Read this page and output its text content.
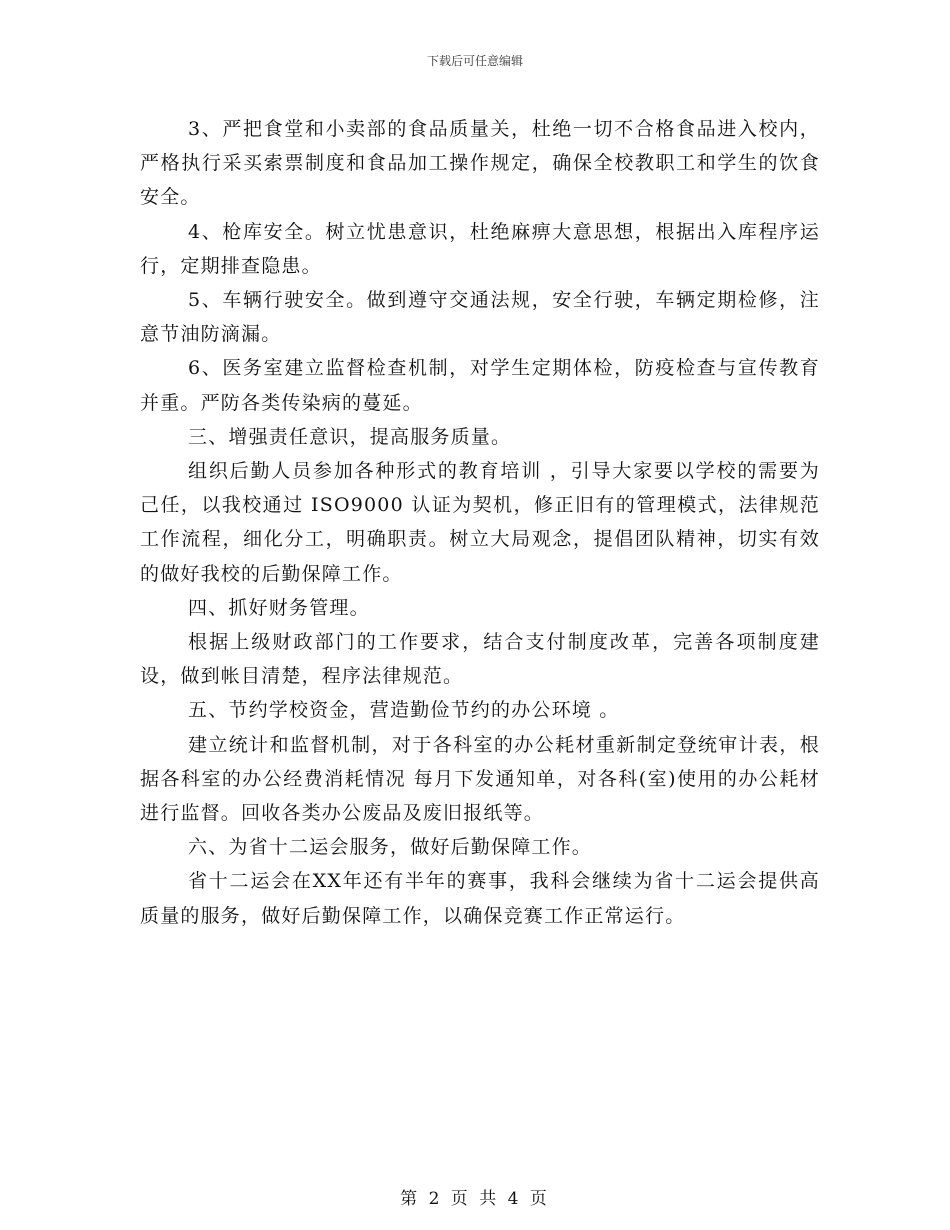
下载后可任意编辑

3、严把食堂和小卖部的食品质量关，杜绝一切不合格食品进入校内，严格执行采买索票制度和食品加工操作规定，确保全校教职工和学生的饮食安全。

4、枪库安全。树立忧患意识，杜绝麻痹大意思想，根据出入库程序运行，定期排查隐患。

5、车辆行驶安全。做到遵守交通法规，安全行驶，车辆定期检修，注意节油防滴漏。

6、医务室建立监督检查机制，对学生定期体检，防疫检查与宣传教育并重。严防各类传染病的蔓延。

三、增强责任意识，提高服务质量。

组织后勤人员参加各种形式的教育培训 ，引导大家要以学校的需要为己任，以我校通过 ISO9000 认证为契机，修正旧有的管理模式，法律规范工作流程，细化分工，明确职责。树立大局观念，提倡团队精神，切实有效的做好我校的后勤保障工作。

四、抓好财务管理。

根据上级财政部门的工作要求，结合支付制度改革，完善各项制度建设，做到帐目清楚，程序法律规范。

五、节约学校资金，营造勤俭节约的办公环境 。

建立统计和监督机制，对于各科室的办公耗材重新制定登统审计表，根据各科室的办公经费消耗情况 每月下发通知单，对各科(室)使用的办公耗材进行监督。回收各类办公废品及废旧报纸等。

六、为省十二运会服务，做好后勤保障工作。

省十二运会在XX年还有半年的赛事，我科会继续为省十二运会提供高质量的服务，做好后勤保障工作，以确保竞赛工作正常运行。

第 2 页 共 4 页
